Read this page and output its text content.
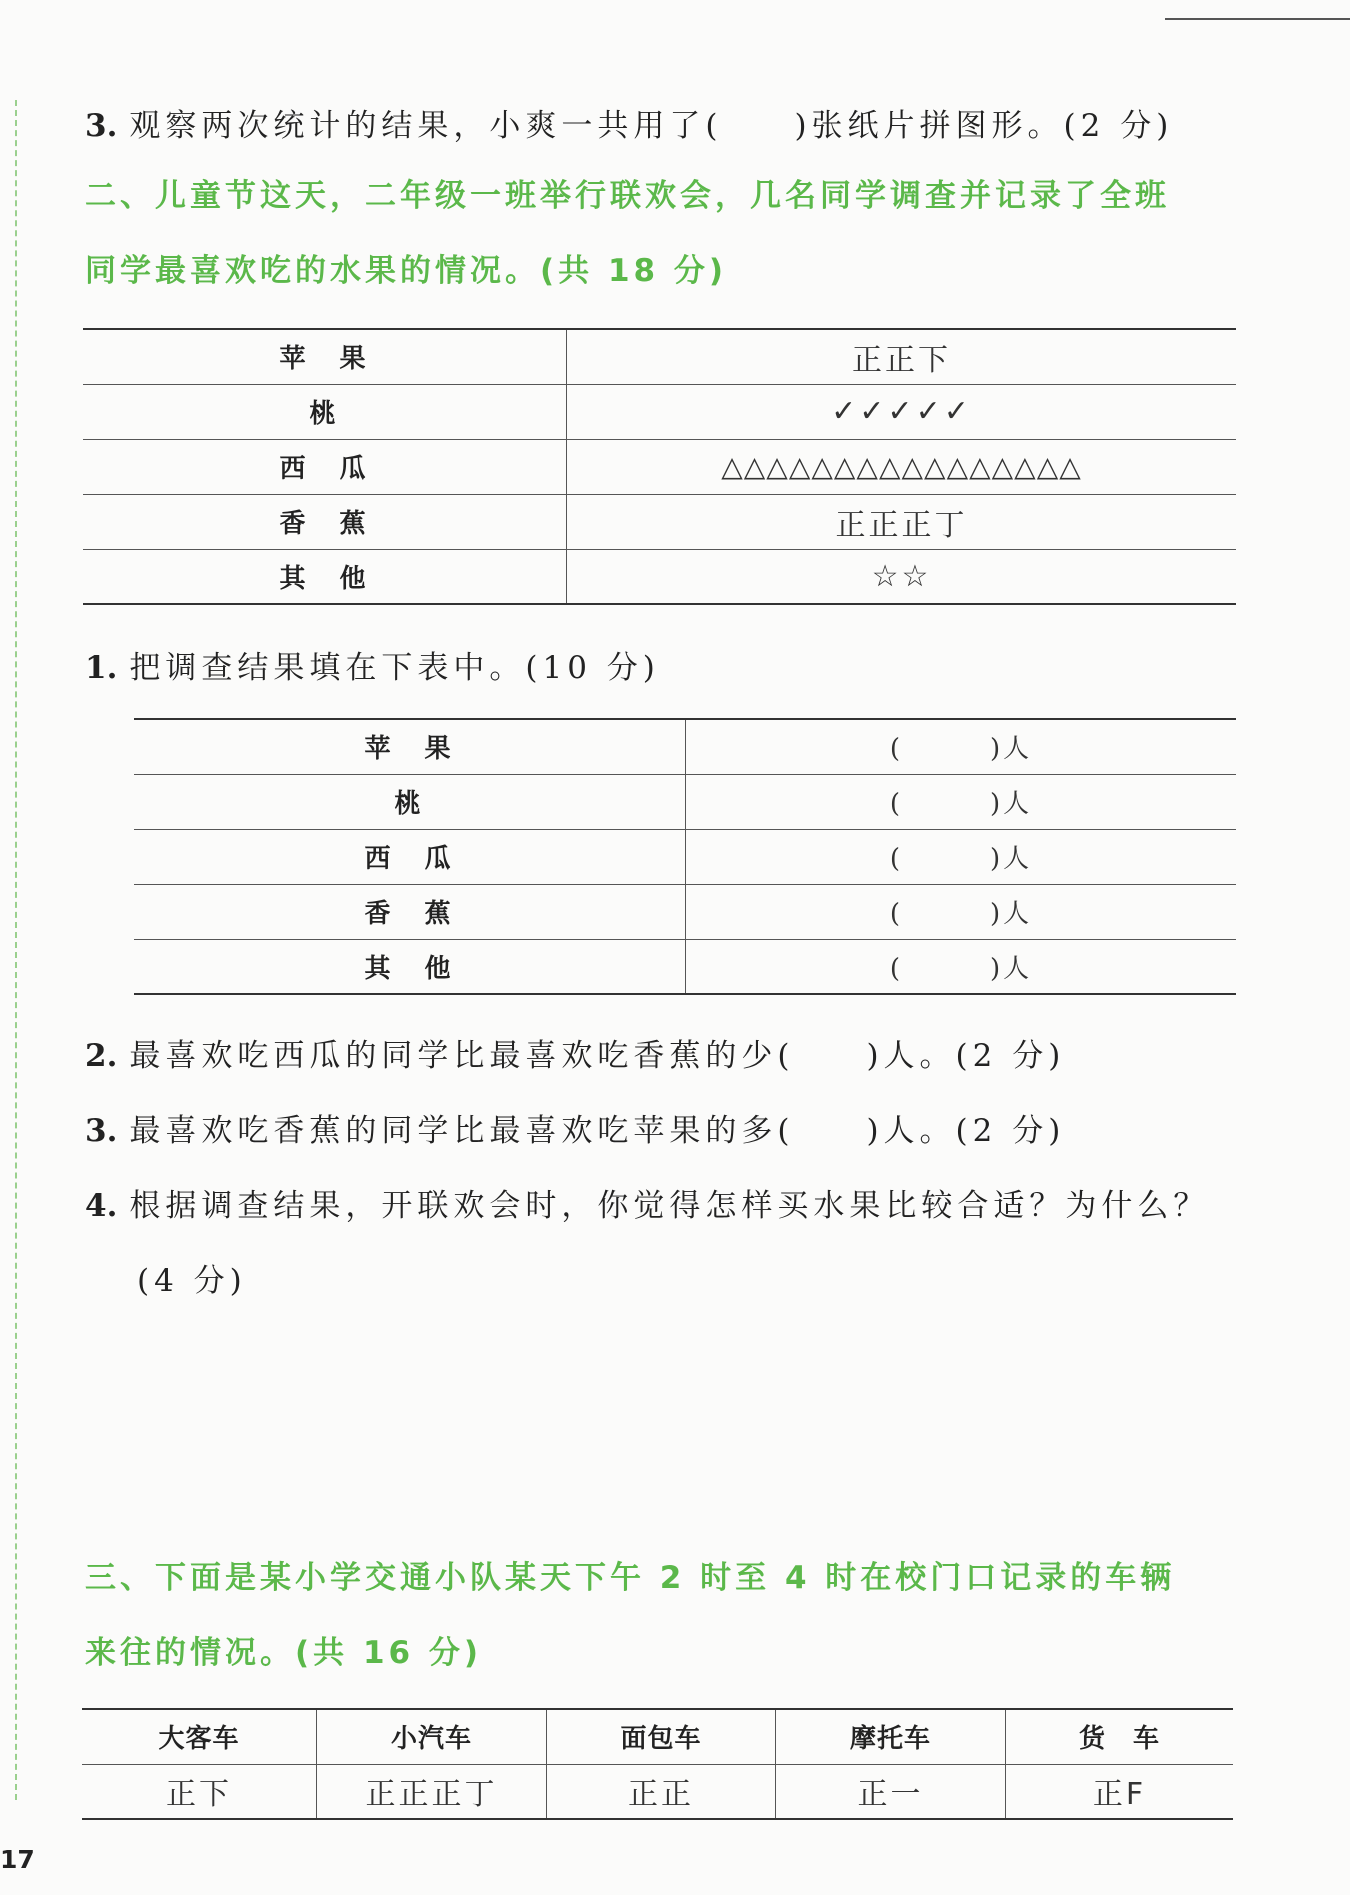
3. 观察两次统计的结果，小爽一共用了(　　)张纸片拼图形。(2 分)
二、儿童节这天，二年级一班举行联欢会，几名同学调查并记录了全班
同学最喜欢吃的水果的情况。(共 18 分)
苹　果	正正下
桃	✓✓✓✓✓
西　瓜	△△△△△△△△△△△△△△△△
香　蕉	正正正丁
其　他	☆☆
1. 把调查结果填在下表中。(10 分)
苹　果	(　　　)人
桃	(　　　)人
西　瓜	(　　　)人
香　蕉	(　　　)人
其　他	(　　　)人
2. 最喜欢吃西瓜的同学比最喜欢吃香蕉的少(　　)人。(2 分)
3. 最喜欢吃香蕉的同学比最喜欢吃苹果的多(　　)人。(2 分)
4. 根据调查结果，开联欢会时，你觉得怎样买水果比较合适？为什么？
(4 分)
三、下面是某小学交通小队某天下午 2 时至 4 时在校门口记录的车辆
来往的情况。(共 16 分)
大客车	小汽车	面包车	摩托车	货　车
正下	正正正丁	正正	正一	正F
17
